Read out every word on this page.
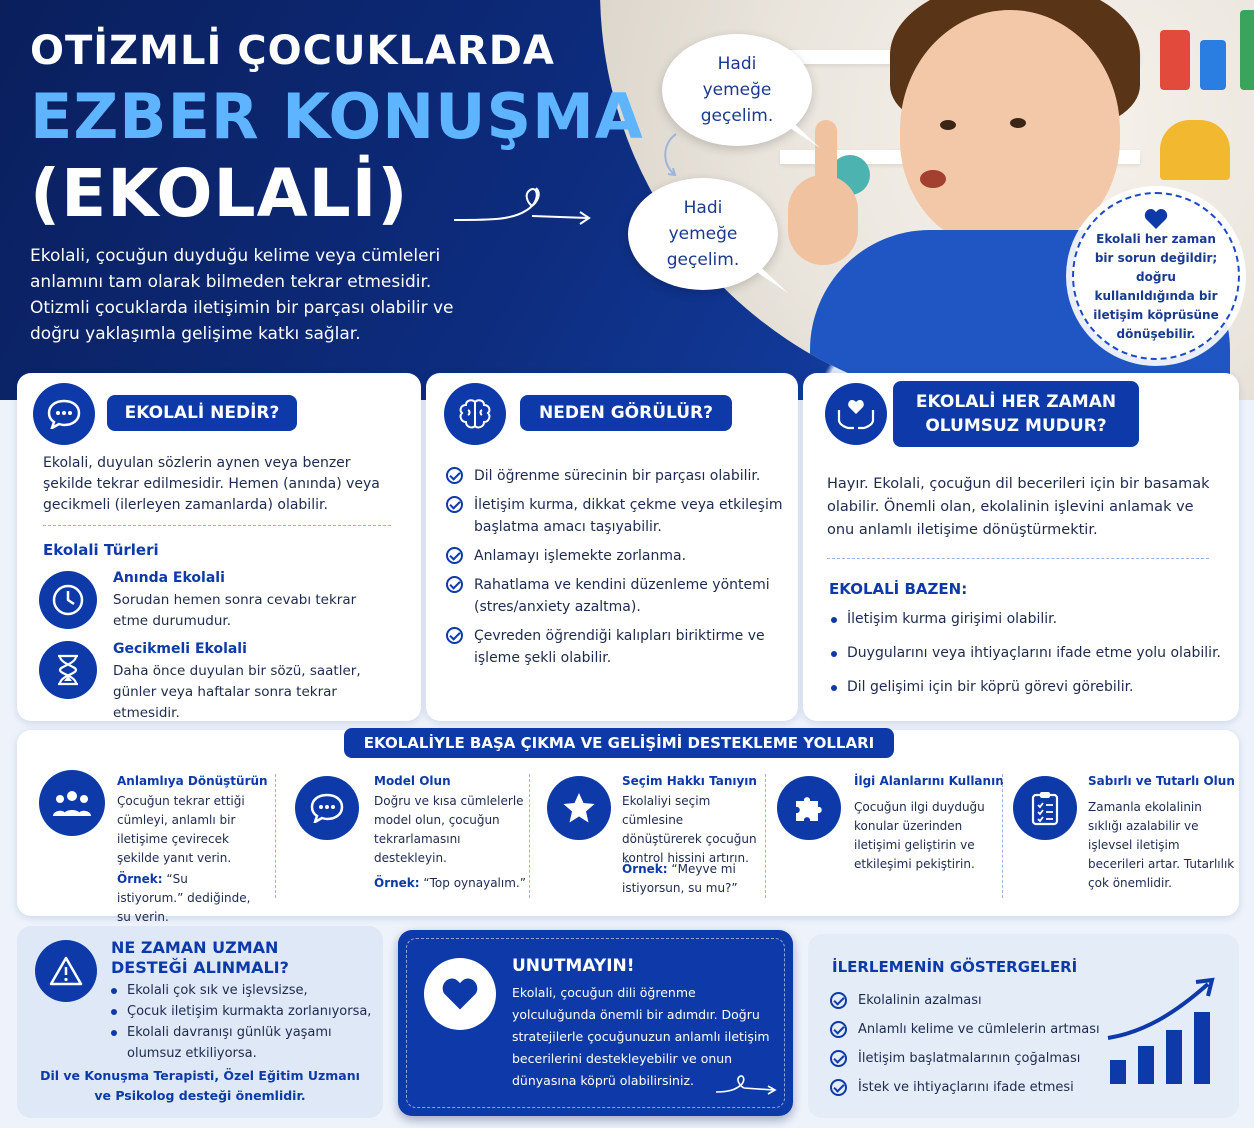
OTİZMLİ ÇOCUKLARDA
EZBER KONUŞMA
(EKOLALİ)
Ekolali, çocuğun duyduğu kelime veya cümleleri anlamını tam olarak bilmeden tekrar etmesidir. Otizmli çocuklarda iletişimin bir parçası olabilir ve doğru yaklaşımla gelişime katkı sağlar.
Hadi
yemeğe
geçelim.
Hadi
yemeğe
geçelim.
Ekolali her zaman bir sorun değildir; doğru kullanıldığında bir iletişim köprüsüne dönüşebilir.
EKOLALİ NEDİR?
Ekolali, duyulan sözlerin aynen veya benzer şekilde tekrar edilmesidir. Hemen (anında) veya gecikmeli (ilerleyen zamanlarda) olabilir.
Ekolali Türleri
Anında Ekolali
Sorudan hemen sonra cevabı tekrar etme durumudur.
Gecikmeli Ekolali
Daha önce duyulan bir sözü, saatler, günler veya haftalar sonra tekrar etmesidir.
NEDEN GÖRÜLÜR?
Dil öğrenme sürecinin bir parçası olabilir.
İletişim kurma, dikkat çekme veya etkileşim başlatma amacı taşıyabilir.
Anlamayı işlemekte zorlanma.
Rahatlama ve kendini düzenleme yöntemi (stres/anxiety azaltma).
Çevreden öğrendiği kalıpları biriktirme ve işleme şekli olabilir.
EKOLALİ HER ZAMAN
OLUMSUZ MUDUR?
Hayır. Ekolali, çocuğun dil becerileri için bir basamak olabilir. Önemli olan, ekolalinin işlevini anlamak ve onu anlamlı iletişime dönüştürmektir.
EKOLALİ BAZEN:
İletişim kurma girişimi olabilir.
Duygularını veya ihtiyaçlarını ifade etme yolu olabilir.
Dil gelişimi için bir köprü görevi görebilir.
EKOLALİYLE BAŞA ÇIKMA VE GELİŞİMİ DESTEKLEME YOLLARI
Anlamlıya Dönüştürün
Çocuğun tekrar ettiği cümleyi, anlamlı bir iletişime çevirecek şekilde yanıt verin.
Örnek: “Su istiyorum.” dediğinde, su verin.
Model Olun
Doğru ve kısa cümlelerle model olun, çocuğun tekrarlamasını destekleyin.
Örnek: “Top oynayalım.”
Seçim Hakkı Tanıyın
Ekolaliyi seçim cümlesine dönüştürerek çocuğun kontrol hissini artırın.
Örnek: “Meyve mi istiyorsun, su mu?”
İlgi Alanlarını Kullanın
Çocuğun ilgi duyduğu konular üzerinden iletişimi geliştirin ve etkileşimi pekiştirin.
Sabırlı ve Tutarlı Olun
Zamanla ekolalinin sıklığı azalabilir ve işlevsel iletişim becerileri artar. Tutarlılık çok önemlidir.
NE ZAMAN UZMAN
DESTEĞİ ALINMALI?
Ekolali çok sık ve işlevsizse,
Çocuk iletişim kurmakta zorlanıyorsa,
Ekolali davranışı günlük yaşamı olumsuz etkiliyorsa.
Dil ve Konuşma Terapisti, Özel Eğitim Uzmanı
ve Psikolog desteği önemlidir.
UNUTMAYIN!
Ekolali, çocuğun dili öğrenme yolculuğunda önemli bir adımdır. Doğru stratejilerle çocuğunuzun anlamlı iletişim becerilerini destekleyebilir ve onun dünyasına köprü olabilirsiniz.
İLERLEMENİN GÖSTERGELERİ
Ekolalinin azalması
Anlamlı kelime ve cümlelerin artması
İletişim başlatmalarının çoğalması
İstek ve ihtiyaçlarını ifade etmesi
